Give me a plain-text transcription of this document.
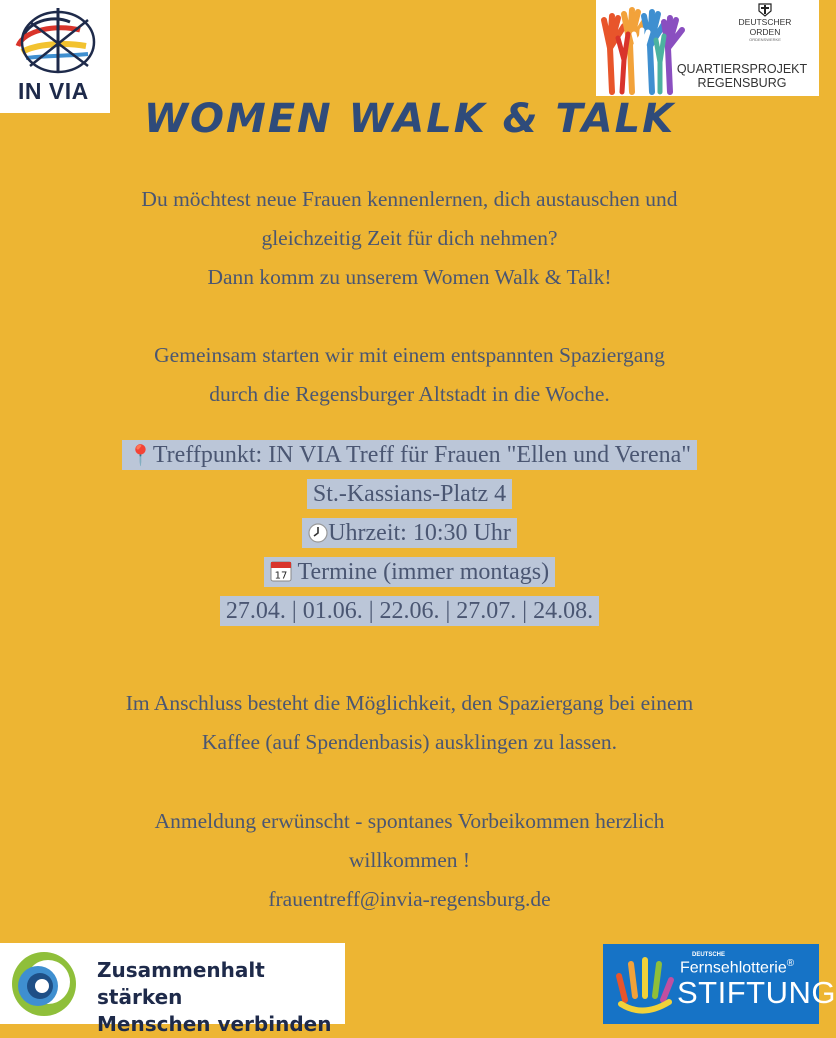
IN VIA
DEUTSCHER
ORDEN
ORDENSWERKE
QUARTIERSPROJEKT
REGENSBURG
WOMEN WALK & TALK

Du möchtest neue Frauen kennenlernen, dich austauschen und

gleichzeitig Zeit für dich nehmen?

Dann komm zu unserem Women Walk & Talk!

Gemeinsam starten wir mit einem entspannten Spaziergang

durch die Regensburger Altstadt in die Woche.

📍Treffpunkt: IN VIA Treff für Frauen "Ellen und Verena"

St.-Kassians-Platz 4

Uhrzeit: 10:30 Uhr

17 Termine (immer montags)

27.04. | 01.06. | 22.06. | 27.07. | 24.08.

Im Anschluss besteht die Möglichkeit, den Spaziergang bei einem

Kaffee (auf Spendenbasis) ausklingen zu lassen.

Anmeldung erwünscht - spontanes Vorbeikommen herzlich

willkommen !

frauentreff@invia-regensburg.de

Zusammenhalt stärken
Menschen verbinden
DEUTSCHE
Fernsehlotterie®
STIFTUNG
